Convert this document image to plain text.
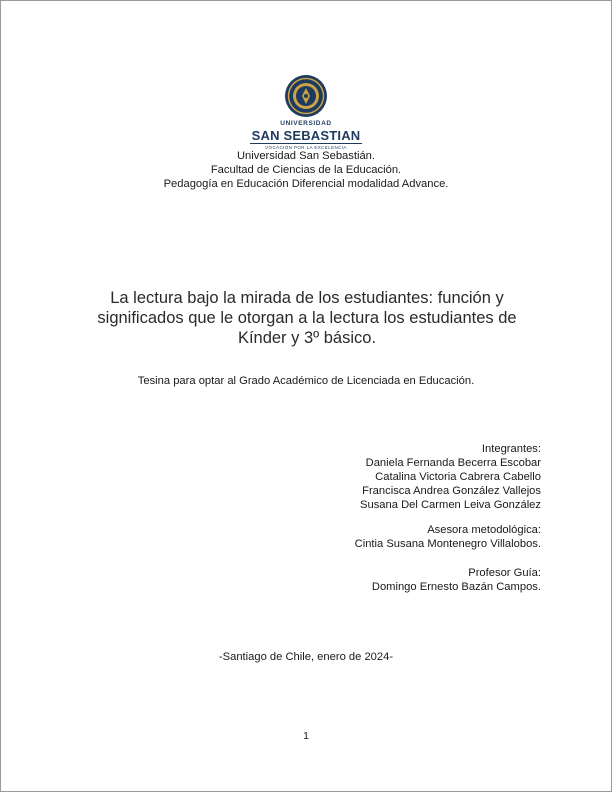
UNIVERSIDAD
SAN SEBASTIAN
VOCACIÓN POR LA EXCELENCIA
Universidad San Sebastián.
Facultad de Ciencias de la Educación.
Pedagogía en Educación Diferencial modalidad Advance.
La lectura bajo la mirada de los estudiantes: función y
significados que le otorgan a la lectura los estudiantes de
Kínder y 3º básico.
Tesina para optar al Grado Académico de Licenciada en Educación.
Integrantes:
Daniela Fernanda Becerra Escobar
Catalina Victoria Cabrera Cabello
Francisca Andrea González Vallejos
Susana Del Carmen Leiva González
Asesora metodológica:
Cintia Susana Montenegro Villalobos.
Profesor Guía:
Domingo Ernesto Bazán Campos.
-Santiago de Chile, enero de 2024-
1
